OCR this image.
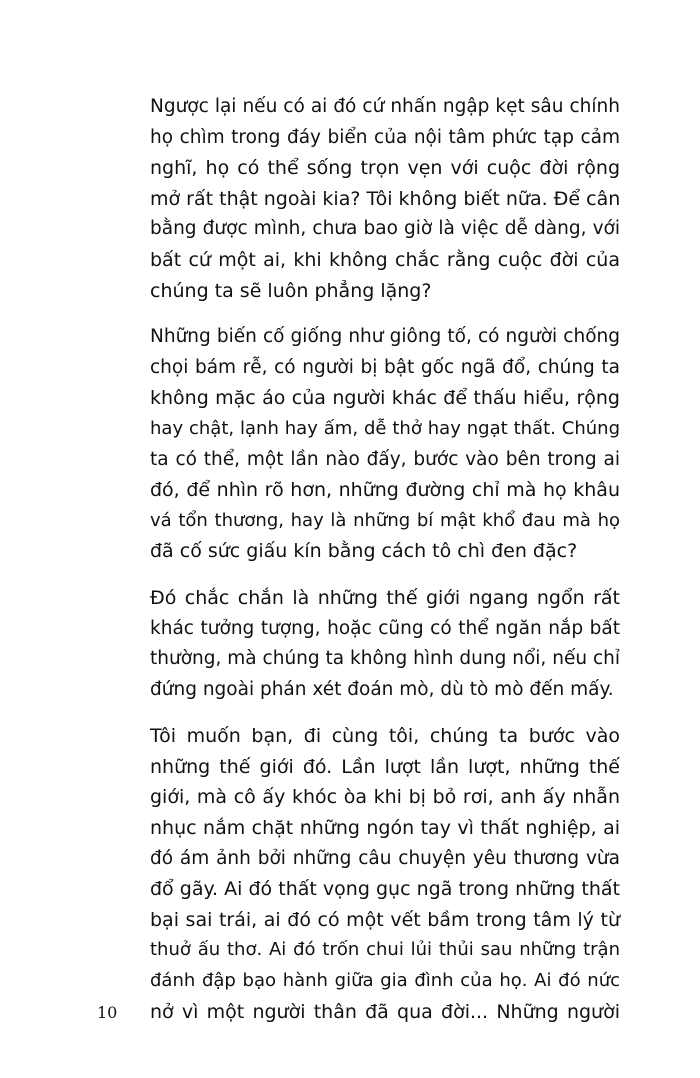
Ngược lại nếu có ai đó cứ nhấn ngập kẹt sâu chính
họ chìm trong đáy biển của nội tâm phức tạp cảm
nghĩ, họ có thể sống trọn vẹn với cuộc đời rộng
mở rất thật ngoài kia? Tôi không biết nữa. Để cân
bằng được mình, chưa bao giờ là việc dễ dàng, với
bất cứ một ai, khi không chắc rằng cuộc đời của
chúng ta sẽ luôn phẳng lặng?

Những biến cố giống như giông tố, có người chống
chọi bám rễ, có người bị bật gốc ngã đổ, chúng ta
không mặc áo của người khác để thấu hiểu, rộng
hay chật, lạnh hay ấm, dễ thở hay ngạt thất. Chúng
ta có thể, một lần nào đấy, bước vào bên trong ai
đó, để nhìn rõ hơn, những đường chỉ mà họ khâu
vá tổn thương, hay là những bí mật khổ đau mà họ
đã cố sức giấu kín bằng cách tô chì đen đặc?

Đó chắc chắn là những thế giới ngang ngổn rất
khác tưởng tượng, hoặc cũng có thể ngăn nắp bất
thường, mà chúng ta không hình dung nổi, nếu chỉ
đứng ngoài phán xét đoán mò, dù tò mò đến mấy.

Tôi muốn bạn, đi cùng tôi, chúng ta bước vào
những thế giới đó. Lần lượt lần lượt, những thế
giới, mà cô ấy khóc òa khi bị bỏ rơi, anh ấy nhẫn
nhục nắm chặt những ngón tay vì thất nghiệp, ai
đó ám ảnh bởi những câu chuyện yêu thương vừa
đổ gãy. Ai đó thất vọng gục ngã trong những thất
bại sai trái, ai đó có một vết bầm trong tâm lý từ
thuở ấu thơ. Ai đó trốn chui lủi thủi sau những trận
đánh đập bạo hành giữa gia đình của họ. Ai đó nức
nở vì một người thân đã qua đời... Những người

10
